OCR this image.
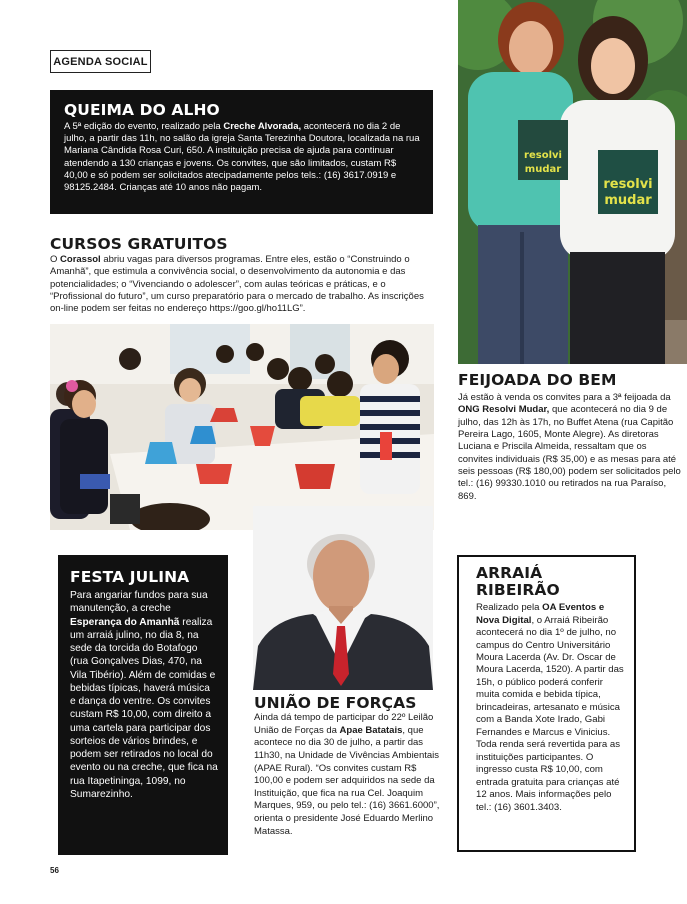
AGENDA SOCIAL
QUEIMA DO ALHO

A 5ª edição do evento, realizado pela Creche Alvorada, acontecerá no dia 2 de julho, a partir das 11h, no salão da igreja Santa Terezinha Doutora, localizada na rua Mariana Cândida Rosa Curi, 650. A instituição precisa de ajuda para continuar atendendo a 130 crianças e jovens. Os convites, que são limitados, custam R$ 40,00 e só podem ser solicitados atecipadamente pelos tels.: (16) 3617.0919 e 98125.2484. Crianças até 10 anos não pagam.

CURSOS GRATUITOS

O Corassol abriu vagas para diversos programas. Entre eles, estão o “Construindo o Amanhã”, que estimula a convivência social, o desenvolvimento da autonomia e das potencialidades; o “Vivenciando o adolescer”, com aulas teóricas e práticas, e o “Profissional do futuro”, um curso preparatório para o mercado de trabalho. As inscrições on-line podem ser feitas no endereço https://goo.gl/ho11LG”.

resolvi
mudar
resolvi
mudar
FEIJOADA DO BEM

Já estão à venda os convites para a 3ª feijoada da ONG Resolvi Mudar, que acontecerá no dia 9 de julho, das 12h às 17h, no Buffet Atena (rua Capitão Pereira Lago, 1605, Monte Alegre). As diretoras Luciana e Priscila Almeida, ressaltam que os convites individuais (R$ 35,00) e as mesas para até seis pessoas (R$ 180,00) podem ser solicitados pelo tel.: (16) 99330.1010 ou retirados na rua Paraíso, 869.

FESTA JULINA

Para angariar fundos para sua manutenção, a creche Esperança do Amanhã realiza um arraiá julino, no dia 8, na sede da torcida do Botafogo (rua Gonçalves Dias, 470, na Vila Tibério). Além de comidas e bebidas típicas, haverá música e dança do ventre. Os convites custam R$ 10,00, com direito a uma cartela para participar dos sorteios de vários brindes, e podem ser retirados no local do evento ou na creche, que fica na rua Itapetininga, 1099, no Sumarezinho.

UNIÃO DE FORÇAS

Ainda dá tempo de participar do 22º Leilão União de Forças da Apae Batatais, que acontece no dia 30 de julho, a partir das 11h30, na Unidade de Vivências Ambientais (APAE Rural). “Os convites custam R$ 100,00 e podem ser adquiridos na sede da Instituição, que fica na rua Cel. Joaquim Marques, 959, ou pelo tel.: (16) 3661.6000”, orienta o presidente José Eduardo Merlino Matassa.

ARRAIÁ RIBEIRÃO

Realizado pela OA Eventos e Nova Digital, o Arraiá Ribeirão acontecerá no dia 1º de julho, no campus do Centro Universitário Moura Lacerda (Av. Dr. Oscar de Moura Lacerda, 1520). A partir das 15h, o público poderá conferir muita comida e bebida típica, brincadeiras, artesanato e música com a Banda Xote Irado, Gabi Fernandes e Marcus e Vinicius. Toda renda será revertida para as instituições participantes. O ingresso custa R$ 10,00, com entrada gratuita para crianças até 12 anos. Mais informações pelo tel.: (16) 3601.3403.

56
